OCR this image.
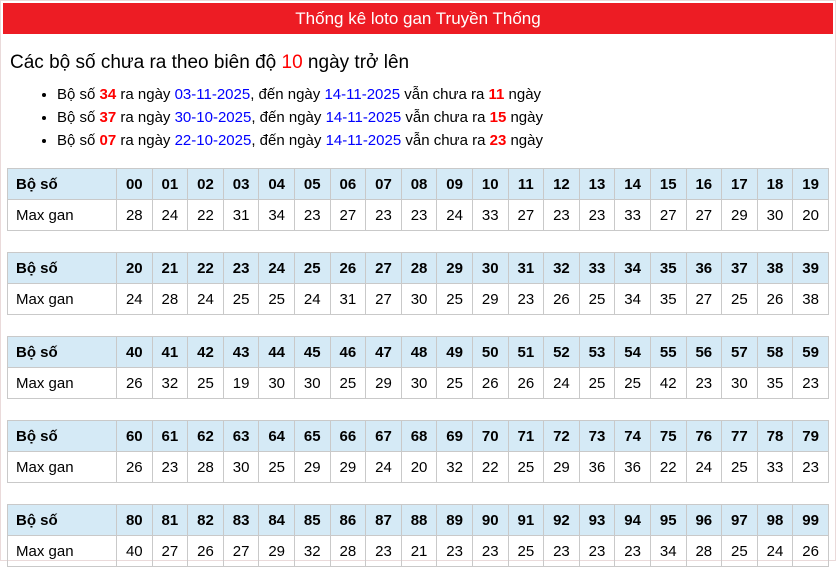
Thống kê loto gan Truyền Thống
Các bộ số chưa ra theo biên độ 10 ngày trở lên
• Bộ số 34 ra ngày 03-11-2025, đến ngày 14-11-2025 vẫn chưa ra 11 ngày
• Bộ số 37 ra ngày 30-10-2025, đến ngày 14-11-2025 vẫn chưa ra 15 ngày
• Bộ số 07 ra ngày 22-10-2025, đến ngày 14-11-2025 vẫn chưa ra 23 ngày
Bộ số	00	01	02	03	04	05	06	07	08	09	10	11	12	13	14	15	16	17	18	19
Max gan	28	24	22	31	34	23	27	23	23	24	33	27	23	23	33	27	27	29	30	20
Bộ số	20	21	22	23	24	25	26	27	28	29	30	31	32	33	34	35	36	37	38	39
Max gan	24	28	24	25	25	24	31	27	30	25	29	23	26	25	34	35	27	25	26	38
Bộ số	40	41	42	43	44	45	46	47	48	49	50	51	52	53	54	55	56	57	58	59
Max gan	26	32	25	19	30	30	25	29	30	25	26	26	24	25	25	42	23	30	35	23
Bộ số	60	61	62	63	64	65	66	67	68	69	70	71	72	73	74	75	76	77	78	79
Max gan	26	23	28	30	25	29	29	24	20	32	22	25	29	36	36	22	24	25	33	23
Bộ số	80	81	82	83	84	85	86	87	88	89	90	91	92	93	94	95	96	97	98	99
Max gan	40	27	26	27	29	32	28	23	21	23	23	25	23	23	23	34	28	25	24	26
